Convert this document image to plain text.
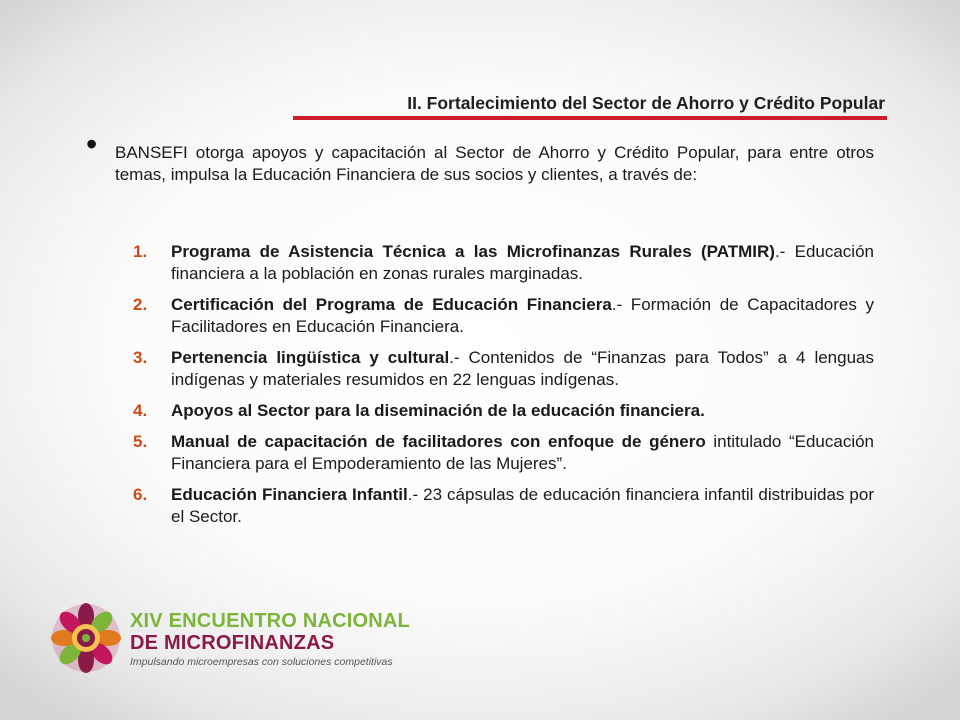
II. Fortalecimiento del Sector de Ahorro y Crédito Popular
• BANSEFI otorga apoyos y capacitación al Sector de Ahorro y Crédito Popular, para entre otros temas, impulsa la Educación Financiera de sus socios y clientes, a través de:
1. Programa de Asistencia Técnica a las Microfinanzas Rurales (PATMIR).- Educación financiera a la población en zonas rurales marginadas.
2. Certificación del Programa de Educación Financiera.- Formación de Capacitadores y Facilitadores en Educación Financiera.
3. Pertenencia lingüística y cultural.- Contenidos de “Finanzas para Todos” a 4 lenguas indígenas y materiales resumidos en 22 lenguas indígenas.
4. Apoyos al Sector para la diseminación de la educación financiera.
5. Manual de capacitación de facilitadores con enfoque de género intitulado “Educación Financiera para el Empoderamiento de las Mujeres”.
6. Educación Financiera Infantil.- 23 cápsulas de educación financiera infantil distribuidas por el Sector.
XIV ENCUENTRO NACIONAL
DE MICROFINANZAS
Impulsando microempresas con soluciones competitivas
